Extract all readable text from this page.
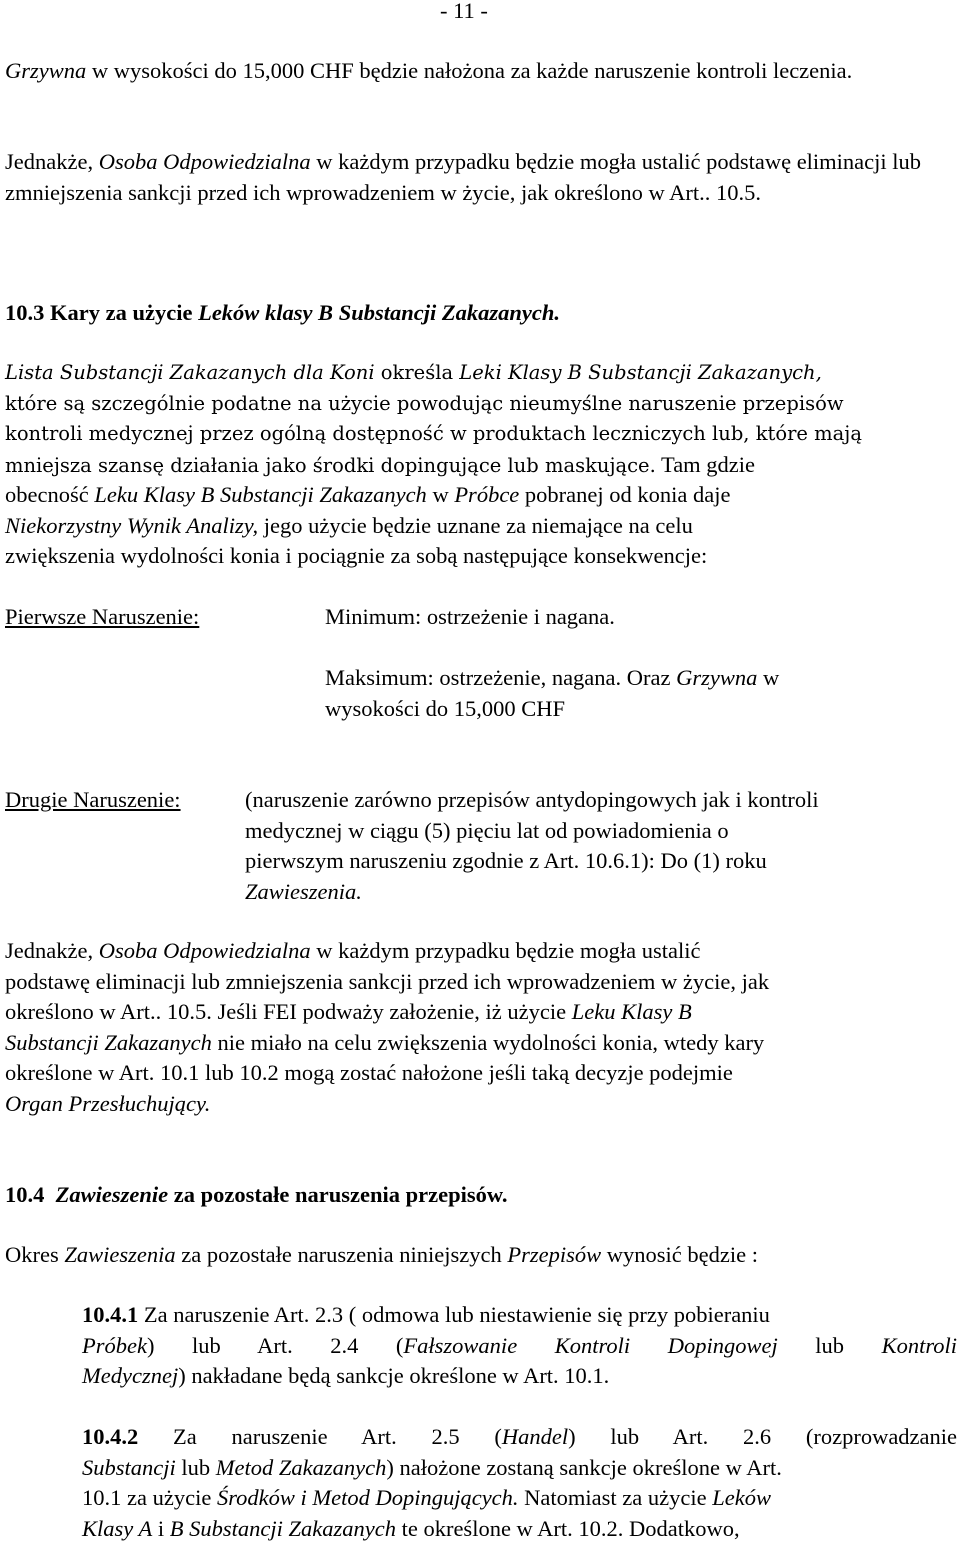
- 11 -
Grzywna w wysokości do 15,000 CHF będzie nałożona za każde naruszenie kontroli leczenia.
Jednakże, Osoba Odpowiedzialna w każdym przypadku będzie mogła ustalić podstawę eliminacji lub zmniejszenia sankcji przed ich wprowadzeniem w życie, jak określono w Art.. 10.5.
10.3 Kary za użycie Leków klasy B Substancji Zakazanych.
Lista Substancji Zakazanych dla Koni określa Leki Klasy B Substancji Zakazanych,
które są szczególnie podatne na użycie powodując nieumyślne naruszenie przepisów
kontroli medycznej przez ogólną dostępność w produktach leczniczych lub, które mają
mniejsza szansę działania jako środki dopingujące lub maskujące. Tam gdzie
obecność Leku Klasy B Substancji Zakazanych w Próbce pobranej od konia daje
Niekorzystny Wynik Analizy, jego użycie będzie uznane za niemające na celu
zwiększenia wydolności konia i pociągnie za sobą następujące konsekwencje:
Pierwsze Naruszenie:	Minimum: ostrzeżenie i nagana.
Maksimum: ostrzeżenie, nagana. Oraz Grzywna w
wysokości do 15,000 CHF
Drugie Naruszenie:	(naruszenie zarówno przepisów antydopingowych jak i kontroli
medycznej w ciągu (5) pięciu lat od powiadomienia o
pierwszym naruszeniu zgodnie z Art. 10.6.1): Do (1) roku
Zawieszenia.
Jednakże, Osoba Odpowiedzialna w każdym przypadku będzie mogła ustalić
podstawę eliminacji lub zmniejszenia sankcji przed ich wprowadzeniem w życie, jak
określono w Art.. 10.5. Jeśli FEI podważy założenie, iż użycie Leku Klasy B
Substancji Zakazanych nie miało na celu zwiększenia wydolności konia, wtedy kary
określone w Art. 10.1 lub 10.2 mogą zostać nałożone jeśli taką decyzje podejmie
Organ Przesłuchujący.
10.4 Zawieszenie za pozostałe naruszenia przepisów.
Okres Zawieszenia za pozostałe naruszenia niniejszych Przepisów wynosić będzie :
10.4.1 Za naruszenie Art. 2.3 ( odmowa lub niestawienie się przy pobieraniu
Próbek) lub Art. 2.4 (Fałszowanie Kontroli Dopingowej lub Kontroli
Medycznej) nakładane będą sankcje określone w Art. 10.1.
10.4.2 Za naruszenie Art. 2.5 (Handel) lub Art. 2.6 (rozprowadzanie
Substancji lub Metod Zakazanych) nałożone zostaną sankcje określone w Art.
10.1 za użycie Środków i Metod Dopingujących. Natomiast za użycie Leków
Klasy A i B Substancji Zakazanych te określone w Art. 10.2. Dodatkowo,
